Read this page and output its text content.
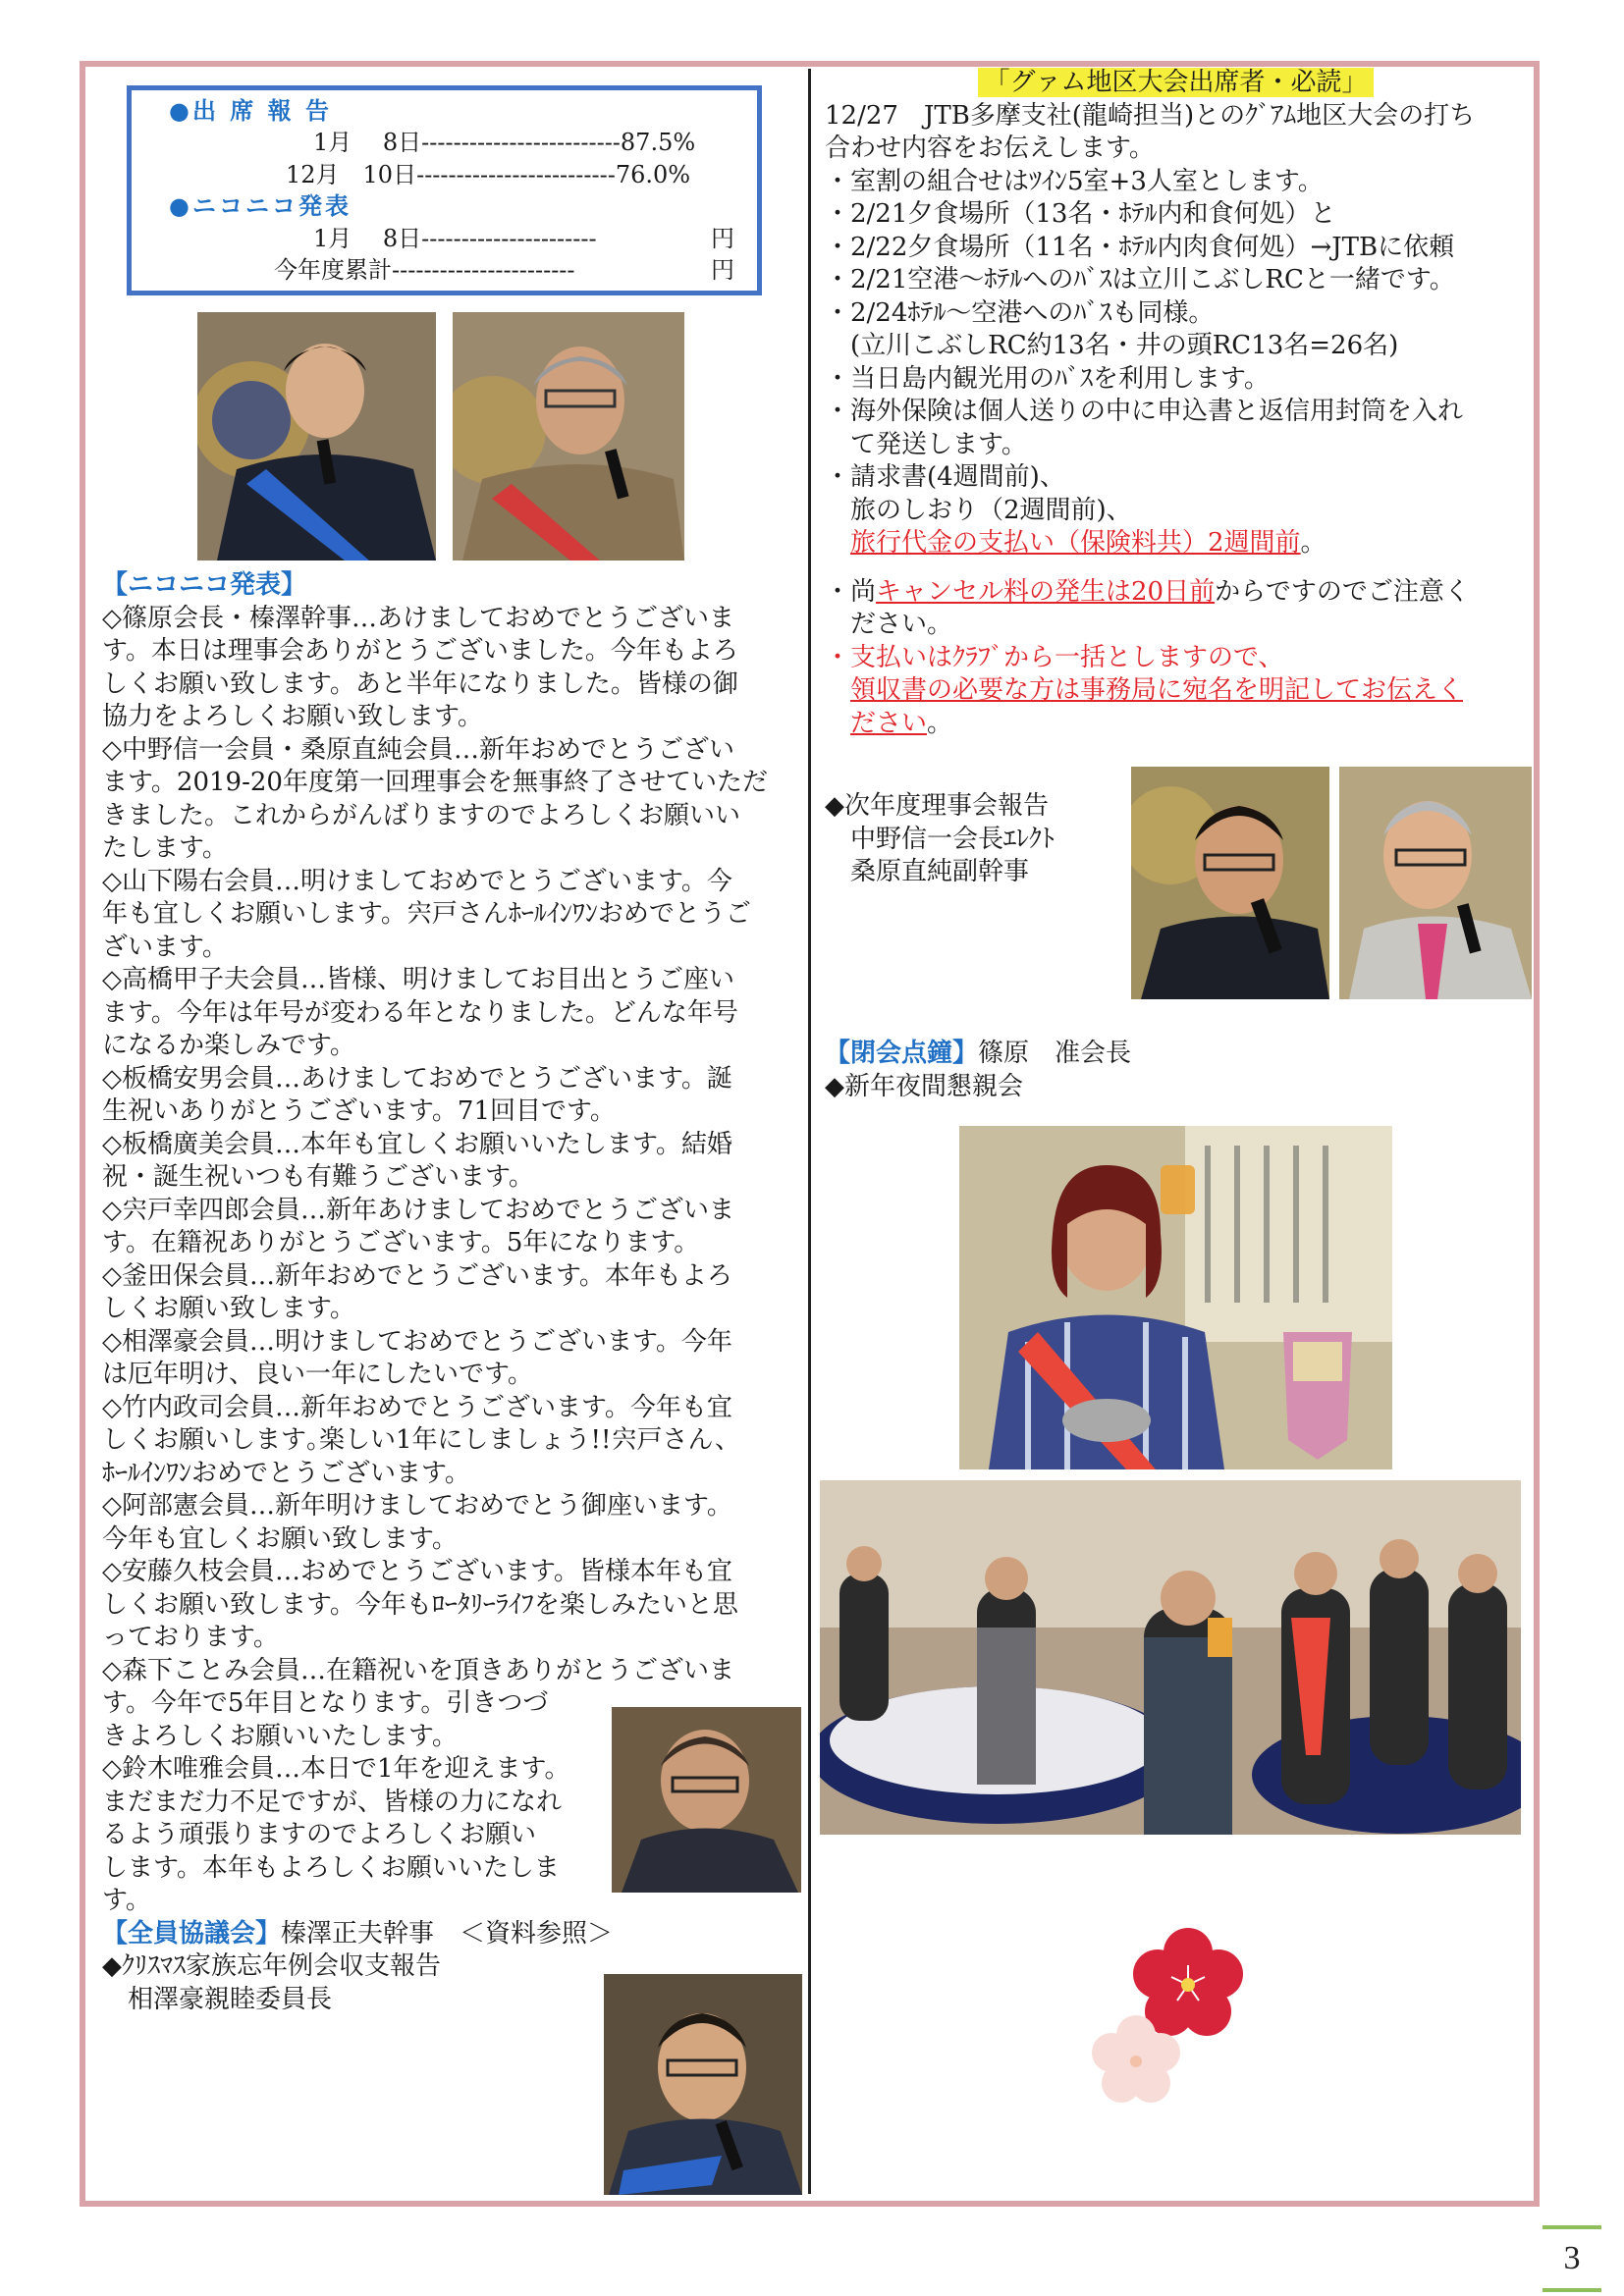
●出 席 報 告
1月　 8日-------------------------87.5%
12月　10日-------------------------76.0%
●ニコニコ発表
1月　 8日----------------------	円
今年度累計-----------------------	円
【ニコニコ発表】
◇篠原会長・榛澤幹事…あけましておめでとうございま
す。本日は理事会ありがとうございました。今年もよろ
しくお願い致します。あと半年になりました。皆様の御
協力をよろしくお願い致します。
◇中野信一会員・桑原直純会員…新年おめでとうござい
ます。2019-20年度第一回理事会を無事終了させていただ
きました。これからがんばりますのでよろしくお願いい
たします。
◇山下陽右会員…明けましておめでとうございます。今
年も宜しくお願いします。宍戸さんﾎｰﾙｲﾝﾜﾝおめでとうご
ざいます。
◇高橋甲子夫会員…皆様、明けましてお目出とうご座い
ます。今年は年号が変わる年となりました。どんな年号
になるか楽しみです。
◇板橋安男会員…あけましておめでとうございます。誕
生祝いありがとうございます。71回目です。
◇板橋廣美会員…本年も宜しくお願いいたします。結婚
祝・誕生祝いつも有難うございます。
◇宍戸幸四郎会員…新年あけましておめでとうございま
す。在籍祝ありがとうございます。5年になります。
◇釜田保会員…新年おめでとうございます。本年もよろ
しくお願い致します。
◇相澤豪会員…明けましておめでとうございます。今年
は厄年明け、良い一年にしたいです。
◇竹内政司会員…新年おめでとうございます。今年も宜
しくお願いします｡楽しい1年にしましょう!!宍戸さん、
ﾎｰﾙｲﾝﾜﾝおめでとうございます。
◇阿部憲会員…新年明けましておめでとう御座います。
今年も宜しくお願い致します。
◇安藤久枝会員…おめでとうございます。皆様本年も宜
しくお願い致します。今年もﾛｰﾀﾘｰﾗｲﾌを楽しみたいと思
っております。
◇森下ことみ会員…在籍祝いを頂きありがとうございま
す。今年で5年目となります。引きつづ
きよろしくお願いいたします。
◇鈴木唯雅会員…本日で1年を迎えます。
まだまだ力不足ですが、皆様の力になれ
るよう頑張りますのでよろしくお願い
します。本年もよろしくお願いいたしま
す。
【全員協議会】榛澤正夫幹事　＜資料参照＞
◆ｸﾘｽﾏｽ家族忘年例会収支報告
相澤豪親睦委員長
「グァム地区大会出席者・必読」
12/27　JTB多摩支社(龍崎担当)とのｸﾞｱﾑ地区大会の打ち
合わせ内容をお伝えします。
・室割の組合せはﾂｲﾝ5室+3人室とします。
・2/21夕食場所（13名・ﾎﾃﾙ内和食何処）と
・2/22夕食場所（11名・ﾎﾃﾙ内肉食何処）→JTBに依頼
・2/21空港～ﾎﾃﾙへのﾊﾞｽは立川こぶしRCと一緒です。
・2/24ﾎﾃﾙ～空港へのﾊﾞｽも同様。
　(立川こぶしRC約13名・井の頭RC13名=26名)
・当日島内観光用のﾊﾞｽを利用します。
・海外保険は個人送りの中に申込書と返信用封筒を入れ
　て発送します。
・請求書(4週間前)、
　旅のしおり（2週間前)、
旅行代金の支払い（保険料共）2週間前。
・尚キャンセル料の発生は20日前からですのでご注意く
ださい。
・支払いはｸﾗﾌﾞから一括としますので、
領収書の必要な方は事務局に宛名を明記してお伝えく
ださい。
◆次年度理事会報告
中野信一会長ｴﾚｸﾄ
桑原直純副幹事
【閉会点鐘】篠原　准会長
◆新年夜間懇親会
3
